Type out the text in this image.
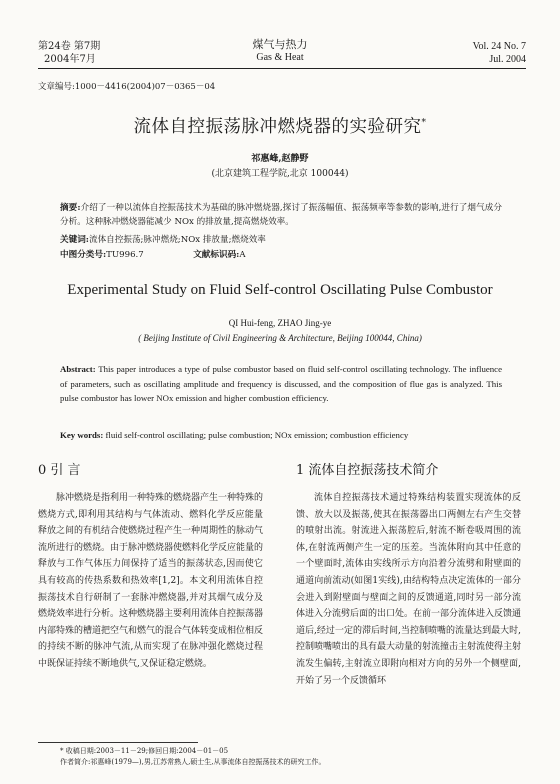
第24卷 第7期
2004年7月
煤气与热力
Gas & Heat
Vol. 24 No. 7
Jul. 2004
文章编号:1000－4416(2004)07－0365－04
流体自控振荡脉冲燃烧器的实验研究*
祁惠峰,赵静野
(北京建筑工程学院,北京 100044)
摘要:介绍了一种以流体自控振荡技术为基础的脉冲燃烧器,探讨了振荡幅值、振荡频率等参数的影响,进行了烟气成分分析。这种脉冲燃烧器能减少 NOx 的排放量,提高燃烧效率。
关键词:流体自控振荡;脉冲燃烧;NOx 排放量;燃烧效率
中图分类号:TU996.7	文献标识码:A
Experimental Study on Fluid Self-control Oscillating Pulse Combustor
QI Hui-feng, ZHAO Jing-ye
( Beijing Institute of Civil Engineering & Architecture, Beijing 100044, China)
Abstract: This paper introduces a type of pulse combustor based on fluid self-control oscillating technology. The influence of parameters, such as oscillating amplitude and frequency is discussed, and the composition of flue gas is analyzed. This pulse combustor has lower NOx emission and higher combustion efficiency.
Key words: fluid self-control oscillating; pulse combustion; NOx emission; combustion efficiency
0 引 言	1 流体自控振荡技术简介
脉冲燃烧是指利用一种特殊的燃烧器产生一种特殊的燃烧方式,即利用其结构与气体流动、燃料化学反应能量释放之间的有机结合使燃烧过程产生一种周期性的脉动气流所进行的燃烧。由于脉冲燃烧器使燃料化学反应能量的释放与工作气体压力间保持了适当的振荡状态,因而使它具有较高的传热系数和热效率[1,2]。本文利用流体自控振荡技术自行研制了一套脉冲燃烧器,并对其烟气成分及燃烧效率进行分析。这种燃烧器主要利用流体自控振荡器内部特殊的槽道把空气和燃气的混合气体转变成相位相反的持续不断的脉冲气流,从而实现了在脉冲强化燃烧过程中既保证持续不断地供气,又保证稳定燃烧。
流体自控振荡技术通过特殊结构装置实现流体的反馈、放大以及振荡,使其在振荡器出口两侧左右产生交替的喷射出流。射流进入振荡腔后,射流不断卷吸周围的流体,在射流两侧产生一定的压差。当流体附向其中任意的一个壁面时,流体由实线所示方向沿着分流劈和附壁面的通道向前流动(如图1实线),由结构特点决定流体的一部分会进入到附壁面与壁面之间的反馈通道,同时另一部分流体进入分流劈后面的出口处。在前一部分流体进入反馈通道后,经过一定的滞后时间,当控制喷嘴的流量达到最大时,控制喷嘴喷出的具有最大动量的射流撞击主射流使得主射流发生偏转,主射流立即附向相对方向的另外一个侧壁面,开始了另一个反馈循环
* 收稿日期:2003－11－29;修回日期:2004－01－05
作者简介:祁惠峰(1979—),男,江苏常熟人,硕士生,从事流体自控振荡技术的研究工作。
